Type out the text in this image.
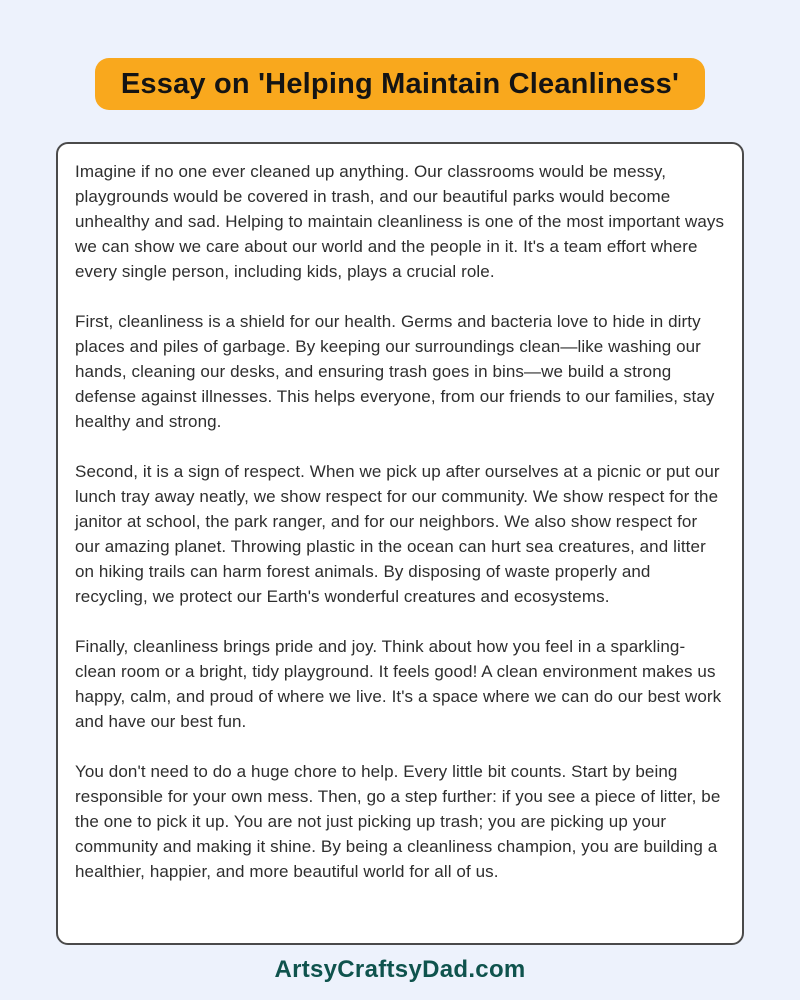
Essay on 'Helping Maintain Cleanliness'

Imagine if no one ever cleaned up anything. Our classrooms would be messy, playgrounds would be covered in trash, and our beautiful parks would become unhealthy and sad. Helping to maintain cleanliness is one of the most important ways we can show we care about our world and the people in it. It's a team effort where every single person, including kids, plays a crucial role.

First, cleanliness is a shield for our health. Germs and bacteria love to hide in dirty places and piles of garbage. By keeping our surroundings clean—like washing our hands, cleaning our desks, and ensuring trash goes in bins—we build a strong defense against illnesses. This helps everyone, from our friends to our families, stay healthy and strong.

Second, it is a sign of respect. When we pick up after ourselves at a picnic or put our lunch tray away neatly, we show respect for our community. We show respect for the janitor at school, the park ranger, and for our neighbors. We also show respect for our amazing planet. Throwing plastic in the ocean can hurt sea creatures, and litter on hiking trails can harm forest animals. By disposing of waste properly and recycling, we protect our Earth's wonderful creatures and ecosystems.

Finally, cleanliness brings pride and joy. Think about how you feel in a sparkling-clean room or a bright, tidy playground. It feels good! A clean environment makes us happy, calm, and proud of where we live. It's a space where we can do our best work and have our best fun.

You don't need to do a huge chore to help. Every little bit counts. Start by being responsible for your own mess. Then, go a step further: if you see a piece of litter, be the one to pick it up. You are not just picking up trash; you are picking up your community and making it shine. By being a cleanliness champion, you are building a healthier, happier, and more beautiful world for all of us.

ArtsyCraftsyDad.com
